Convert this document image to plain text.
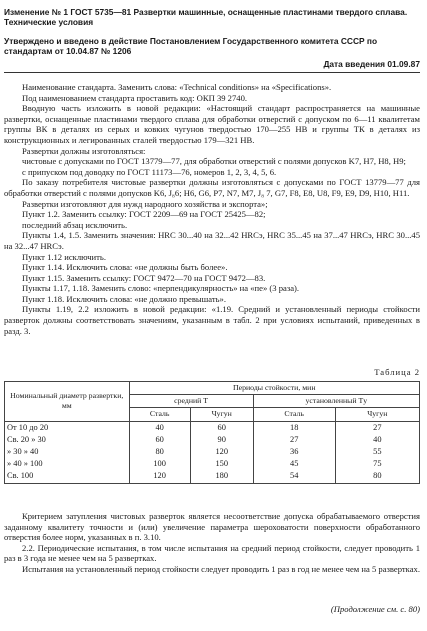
Изменение № 1 ГОСТ 5735—81 Развертки машинные, оснащенные пластинами твердого сплава. Технические условия
Утверждено и введено в действие Постановлением Государственного комитета СССР по стандартам от 10.04.87 № 1206
Дата введения 01.09.87

Наименование стандарта. Заменить слова: «Technical conditions» на «Specifications».

Под наименованием стандарта проставить код: ОКП 39 2740.

Вводную часть изложить в новой редакции: «Настоящий стандарт распространяется на машинные развертки, оснащенные пластинами твердого сплава для обработки отверстий с допуском по 6—11 квалитетам группы ВК в деталях из серых и ковких чугунов твердостью 170—255 НВ и группы ТК в деталях из конструкционных и легированных сталей твердостью 179—321 НВ.

Развертки должны изготовляться:

чистовые с допусками по ГОСТ 13779—77, для обработки отверстий с полями допусков K7, H7, H8, H9;

с припуском под доводку по ГОСТ 11173—76, номеров 1, 2, 3, 4, 5, 6.

По заказу потребителя чистовые развертки должны изготовляться с допусками по ГОСТ 13779—77 для обработки отверстий с полями допусков K6, J₈6; H6, G6, P7, N7, M7, J₈ 7, G7, F8, E8, U8, F9, E9, D9, H10, H11.

Развертки изготовляют для нужд народного хозяйства и экспорта»;

Пункт 1.2. Заменить ссылку: ГОСТ 2209—69 на ГОСТ 25425—82;

последний абзац исключить.

Пункты 1.4, 1.5. Заменить значения: HRC 30...40 на 32...42 HRCэ, HRC 35...45 на 37...47 HRCэ, HRC 30...45 на 32...47 HRCэ.

Пункт 1.12 исключить.

Пункт 1.14. Исключить слова: «не должны быть более».

Пункт 1.15. Заменить ссылку: ГОСТ 9472—70 на ГОСТ 9472—83.

Пункты 1.17, 1.18. Заменить слово: «перпендикулярность» на «пе» (3 раза).

Пункт 1.18. Исключить слова: «не должно превышать».

Пункты 1.19, 2.2 изложить в новой редакции: «1.19. Средний и установленный периоды стойкости разверток должны соответствовать значениям, указанным в табл. 2 при условиях испытаний, приведенных в разд. 3.

Таблица 2
Номинальный диаметр развертки, мм	Периоды стойкости, мин			
	средний T		установленный Tу	
	Сталь	Чугун	Сталь	Чугун
От 10 до 20	40	60	18	27
Св. 20 » 30	60	90	27	40
» 30 » 40	80	120	36	55
» 40 » 100	100	150	45	75
Св. 100	120	180	54	80

Критерием затупления чистовых разверток является несоответствие допуска обрабатываемого отверстия заданному квалитету точности и (или) увеличение параметра шероховатости поверхности обработанного отверстия более норм, указанных в п. 3.10.

2.2. Периодические испытания, в том числе испытания на средний период стойкости, следует проводить 1 раз в 3 года не менее чем на 5 развертках.

Испытания на установленный период стойкости следует проводить 1 раз в год не менее чем на 5 развертках.

(Продолжение см. с. 80)
